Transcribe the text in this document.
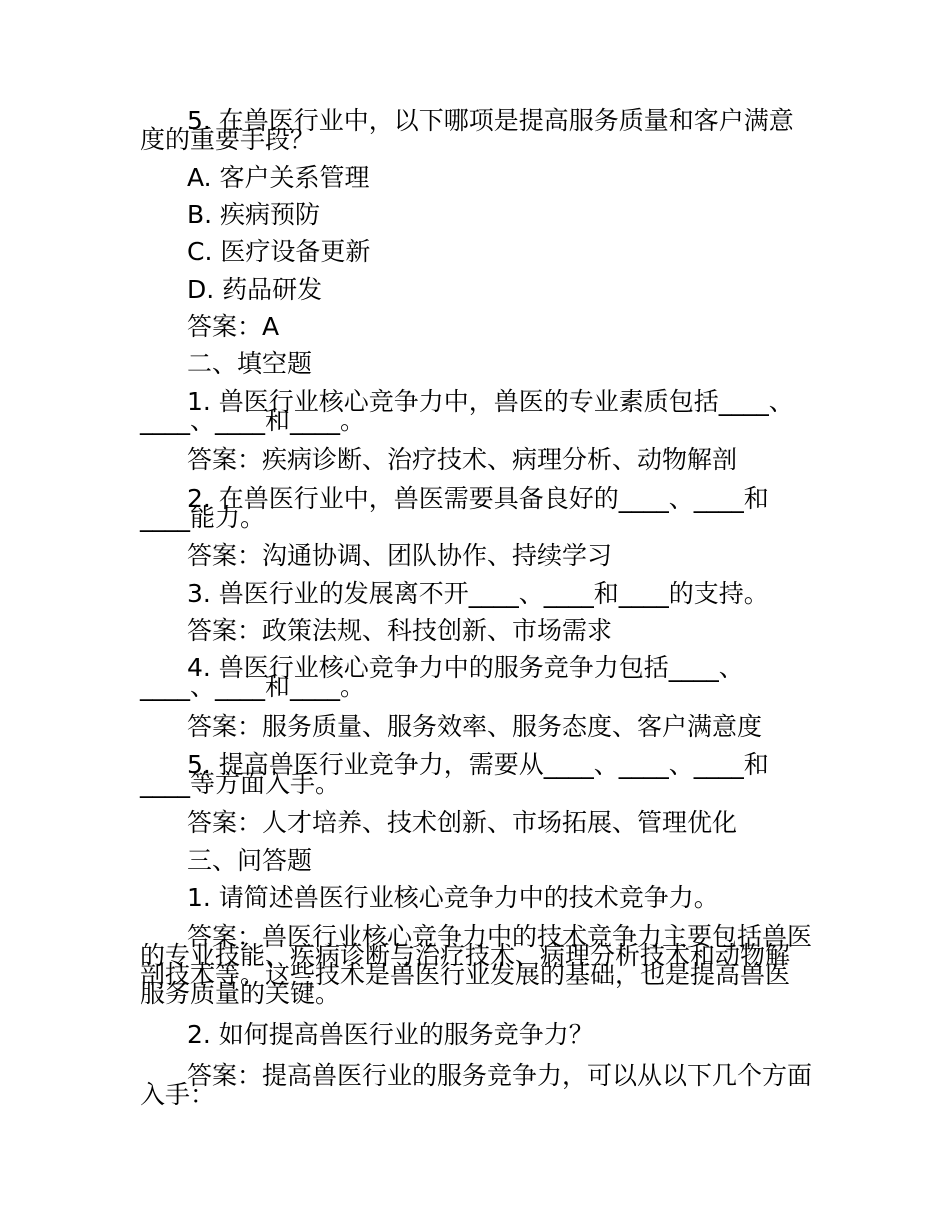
5. 在兽医行业中，以下哪项是提高服务质量和客户满意度的重要手段？

A. 客户关系管理

B. 疾病预防

C. 医疗设备更新

D. 药品研发

答案：A

二、填空题

1. 兽医行业核心竞争力中，兽医的专业素质包括____、____、____和____。

答案：疾病诊断、治疗技术、病理分析、动物解剖

2. 在兽医行业中，兽医需要具备良好的____、____和____能力。

答案：沟通协调、团队协作、持续学习

3. 兽医行业的发展离不开____、____和____的支持。

答案：政策法规、科技创新、市场需求

4. 兽医行业核心竞争力中的服务竞争力包括____、____、____和____。

答案：服务质量、服务效率、服务态度、客户满意度

5. 提高兽医行业竞争力，需要从____、____、____和____等方面入手。

答案：人才培养、技术创新、市场拓展、管理优化

三、问答题

1. 请简述兽医行业核心竞争力中的技术竞争力。

答案：兽医行业核心竞争力中的技术竞争力主要包括兽医的专业技能、疾病诊断与治疗技术、病理分析技术和动物解剖技术等。这些技术是兽医行业发展的基础，也是提高兽医服务质量的关键。

2. 如何提高兽医行业的服务竞争力？

答案：提高兽医行业的服务竞争力，可以从以下几个方面入手：
